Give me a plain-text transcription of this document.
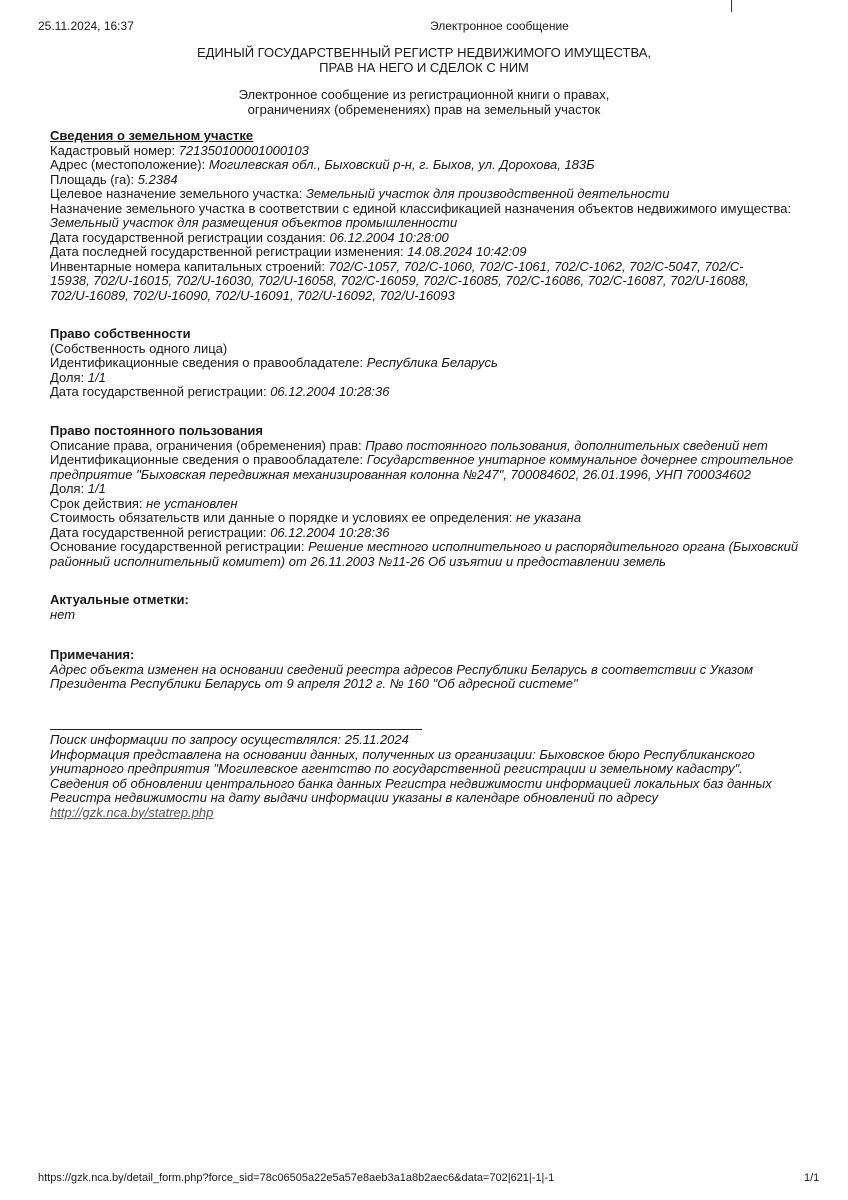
25.11.2024, 16:37	Электронное сообщение
ЕДИНЫЙ ГОСУДАРСТВЕННЫЙ РЕГИСТР НЕДВИЖИМОГО ИМУЩЕСТВА,
ПРАВ НА НЕГО И СДЕЛОК С НИМ
Электронное сообщение из регистрационной книги о правах,
ограничениях (обременениях) прав на земельный участок
Сведения о земельном участке
Кадастровый номер: 721350100001000103
Адрес (местоположение): Могилевская обл., Быховский р-н, г. Быхов, ул. Дорохова, 183Б
Площадь (га): 5.2384
Целевое назначение земельного участка: Земельный участок для производственной деятельности
Назначение земельного участка в соответствии с единой классификацией назначения объектов недвижимого имущества:
Земельный участок для размещения объектов промышленности
Дата государственной регистрации создания: 06.12.2004 10:28:00
Дата последней государственной регистрации изменения: 14.08.2024 10:42:09
Инвентарные номера капитальных строений: 702/C-1057, 702/C-1060, 702/C-1061, 702/C-1062, 702/C-5047, 702/C-
15938, 702/U-16015, 702/U-16030, 702/U-16058, 702/C-16059, 702/C-16085, 702/C-16086, 702/C-16087, 702/U-16088,
702/U-16089, 702/U-16090, 702/U-16091, 702/U-16092, 702/U-16093
Право собственности
(Собственность одного лица)
Идентификационные сведения о правообладателе: Республика Беларусь
Доля: 1/1
Дата государственной регистрации: 06.12.2004 10:28:36
Право постоянного пользования
Описание права, ограничения (обременения) прав: Право постоянного пользования, дополнительных сведений нет
Идентификационные сведения о правообладателе: Государственное унитарное коммунальное дочернее строительное
предприятие "Быховская передвижная механизированная колонна №247", 700084602, 26.01.1996, УНП 700034602
Доля: 1/1
Срок действия: не установлен
Стоимость обязательств или данные о порядке и условиях ее определения: не указана
Дата государственной регистрации: 06.12.2004 10:28:36
Основание государственной регистрации: Решение местного исполнительного и распорядительного органа (Быховский
районный исполнительный комитет) от 26.11.2003 №11-26 Об изъятии и предоставлении земель
Актуальные отметки:
нет
Примечания:
Адрес объекта изменен на основании сведений реестра адресов Республики Беларусь в соответствии с Указом
Президента Республики Беларусь от 9 апреля 2012 г. № 160 "Об адресной системе"
Поиск информации по запросу осуществлялся: 25.11.2024
Информация представлена на основании данных, полученных из организации: Быховское бюро Республиканского
унитарного предприятия "Могилевское агентство по государственной регистрации и земельному кадастру".
Сведения об обновлении центрального банка данных Регистра недвижимости информацией локальных баз данных
Регистра недвижимости на дату выдачи информации указаны в календаре обновлений по адресу
http://gzk.nca.by/statrep.php
https://gzk.nca.by/detail_form.php?force_sid=78c06505a22e5a57e8aeb3a1a8b2aec6&data=702|621|-1|-1	1/1
